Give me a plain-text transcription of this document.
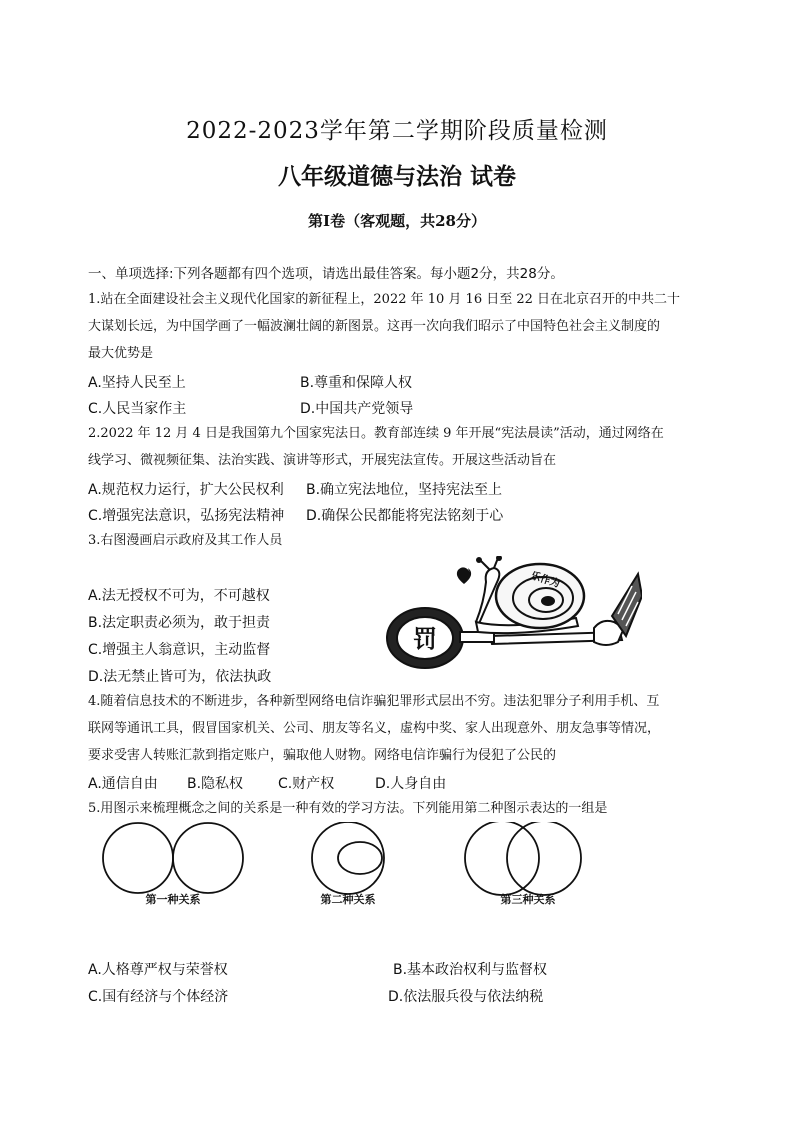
2022-2023学年第二学期阶段质量检测
八年级道德与法治 试卷
第Ⅰ卷（客观题，共28分）
一、单项选择:下列各题都有四个选项，请选出最佳答案。每小题2分，共28分。
1.站在全面建设社会主义现代化国家的新征程上，2022 年 10 月 16 日至 22 日在北京召开的中共二十
大谋划长远，为中国学画了一幅波澜壮阔的新图景。这再一次向我们昭示了中国特色社会主义制度的
最大优势是
A.坚持人民至上	B.尊重和保障人权
C.人民当家作主	D.中国共产党领导
2.2022 年 12 月 4 日是我国第九个国家宪法日。教育部连续 9 年开展“宪法晨读”活动，通过网络在
线学习、微视频征集、法治实践、演讲等形式，开展宪法宣传。开展这些活动旨在
A.规范权力运行，扩大公民权利 B.确立宪法地位，坚持宪法至上
C.增强宪法意识，弘扬宪法精神 D.确保公民都能将宪法铭刻于心
3.右图漫画启示政府及其工作人员
A.法无授权不可为，不可越权
B.法定职责必须为，敢于担责
C.增强主人翁意识，主动监督
D.法无禁止皆可为，依法执政
罚
乐作为
4.随着信息技术的不断进步，各种新型网络电信诈骗犯罪形式层出不穷。违法犯罪分子利用手机、互
联网等通讯工具，假冒国家机关、公司、朋友等名义，虚构中奖、家人出现意外、朋友急事等情况，
要求受害人转账汇款到指定账户，骗取他人财物。网络电信诈骗行为侵犯了公民的
A.通信自由 B.隐私权 C.财产权	D.人身自由
5.用图示来梳理概念之间的关系是一种有效的学习方法。下列能用第二种图示表达的一组是
第一种关系	第二种关系	第三种关系
A.人格尊严权与荣誉权	B.基本政治权利与监督权
C.国有经济与个体经济	D.依法服兵役与依法纳税
